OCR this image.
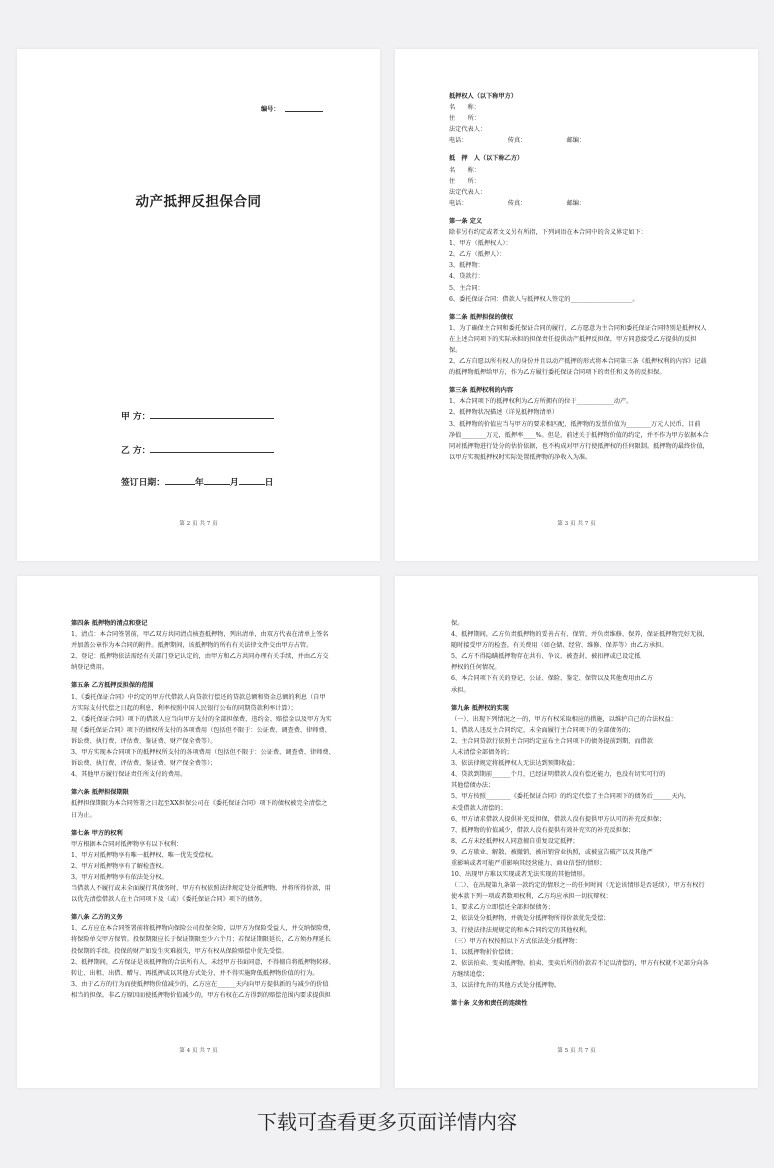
编号：
动产抵押反担保合同
甲 方：
乙 方：
签订日期：	年	月	日
第 2 页 共 7 页
抵押权人（以下称甲方）
名　　称：
住　　所：
法定代表人：
电话：　　　　　　　传真：　　　　　　　邮编：
抵　押　人（以下称乙方）
名　　称：
住　　所：
法定代表人：
电话：　　　　　　　传真：　　　　　　　邮编：
第一条 定义
除非另有约定或者文义另有所指，下列词语在本合同中的含义界定如下：
1、甲方（抵押权人）：
2、乙方（抵押人）：
3、抵押物：
4、贷款行：
5、主合同：
6、委托保证合同：借款人与抵押权人签定的____________________。
第二条 抵押担保的债权
1、为了确保主合同和委托保证合同的履行，乙方愿意为主合同和委托保证合同特别是抵押权人
在上述合同项下的实际承担的担保责任提供动产抵押反担保，甲方同意接受乙方提供的反担
保。
2、乙方自愿以所有权人的身份并且以动产抵押的形式将本合同第三条《抵押权利的内容》记载
的抵押物抵押给甲方，作为乙方履行委托保证合同项下的责任和义务的反担保。
第三条 抵押权利的内容
1、本合同项下的抵押权利为乙方所拥有的位于____________动产。
2、抵押物状况描述（详见抵押物清单）
3、抵押物的价值应当与甲方的要求相匹配，抵押物的发票价值为________万元人民币，目前
净值________万元，抵押率____%。但是，前述关于抵押物价值的约定，并不作为甲方依据本合
同对抵押物进行处分的估价依据，也不构成对甲方行使抵押权的任何限制。抵押物的最终价值，
以甲方实现抵押权时实际处置抵押物的净收入为准。
第 3 页 共 7 页
第四条 抵押物的清点和登记
1、清点：本合同签署前，甲乙双方共同清点核查抵押物，列出清单，由双方代表在清单上签名
并加盖公章作为本合同的附件。抵押期间，该抵押物的所有有关法律文件交由甲方占管。
2、登记：抵押物依法需经有关部门登记认定的，由甲方和乙方共同办理有关手续，并由乙方交
纳登记费用。
第五条 乙方抵押反担保的范围
1、《委托保证合同》中约定的甲方代借款人向贷款行偿还的贷款总额和资金总额的利息（自甲
方实际支付代偿之日起的利息，利率按照中国人民银行公布的同期贷款利率计算）；
2、《委托保证合同》项下的借款人应当向甲方支付的全部担保费、违约金、赔偿金以及甲方为实
现《委托保证合同》项下的债权所支付的各项费用（包括但不限于：公证费、调查费、律师费、
诉讼费、执行费、评估费、鉴证费、财产保全费等）。
3、甲方实现本合同项下的抵押权所支付的各项费用（包括但不限于：公证费、调查费、律师费、
诉讼费、执行费、评估费、鉴证费、财产保全费等）；
4、其他甲方履行保证责任所支付的费用。
第六条 抵押担保期限
抵押担保期限为本合同签署之日起至XX担保公司在《委托保证合同》项下的债权被完全清偿之
日为止。
第七条 甲方的权利
甲方根据本合同对抵押物享有以下权利：
1、甲方对抵押物享有唯一抵押权、唯一优先受偿权。
2、甲方对抵押物享有了解检查权。
3、甲方对抵押物享有依法处分权。
当借款人不履行或未全面履行其债务时，甲方有权依照法律规定处分抵押物，并将所得价款，用
以优先清偿借款人在主合同项下及（或）《委托保证合同》项下的债务。
第八条 乙方的义务
1、乙方应在本合同签署前将抵押物向保险公司投保全险，以甲方为保险受益人，并交纳保险费，
将保险单交甲方保管。投保期限应长于保证期限至少六个月；若保证期限延长，乙方须办理延长
投保期的手续。投保的财产如发生灾难损失，甲方有权从保险赔偿中优先受偿。
2、抵押期间，乙方保证是该抵押物的合法所有人，未经甲方书面同意，不得擅自将抵押物转移、
转让、出租、出借、赠与、再抵押或以其他方式处分，并不得实施降低抵押物价值的行为。
3、由于乙方的行为而使抵押物价值减少的，乙方应在______天内向甲方提供新的与减少的价值
相当的担保。非乙方原因而使抵押物价值减少的，甲方有权在乙方得到的赔偿范围内要求提供担
第 4 页 共 7 页
保。
4、抵押期间，乙方负责抵押物的妥善占有、保管、并负责维修、保养，保证抵押物完好无损，
随时接受甲方的检查。有关费用（如仓储、经营、维修、保养等）由乙方承担。
5、乙方不得隐瞒抵押物存在共有、争议、被查封、被扣押或已设定抵
押权的任何情况。
6、本合同项下有关的登记、公证、保险、鉴定、保管以及其他费用由乙方
承担。
第九条 抵押权的实现
（一）、出现下列情况之一的，甲方有权采取相应的措施，以维护自己的合法权益：
1、借款人违反主合同约定，未全面履行主合同项下的全部债务的；
2、主合同贷款行依照主合同约定宣布主合同项下的债务提前到期，而借款
人未清偿全部债务的；
3、依法律规定将抵押权人无法达到预期收益；
4、贷款到期前______个月，已经证明借款人没有偿还能力，也没有切实可行的
其他偿债办法；
5、甲方按照________《委托保证合同》的约定代偿了主合同项下的债务后______天内，
未受借款人清偿的；
6、甲方请求借款人提供补充反担保，借款人没有提供甲方认可的补充反担保；
7、抵押物的价值减少，借款人没有提供有效补充实的补充反担保；
8、乙方未经抵押权人同意擅自重复设定抵押；
9、乙方歇业、解散、被撤销、被吊销营业执照，或被宣告破产以及其他严
重影响或者可能严重影响其经营能力、商业信誉的情形；
10、出现甲方难以实现或者无法实现的其他情形。
（二）、在出现第九条第一款约定的情形之一的任何时间（无论该情形是否延续），甲方有权行
使本款下列一项或者数项权利，乙方均应承担一切抗辩权：
1、要求乙方立即偿还全部担保债务；
2、依法处分抵押物，并就处分抵押物所得价款优先受偿；
3、行使法律法规规定的和本合同约定的其他权利。
（三）甲方有权按照以下方式依法处分抵押物：
1、以抵押物折价偿债；
2、依法拍卖、变卖抵押物。拍卖、变卖后所得价款若不足以清偿的，甲方有权就不足部分向各
方继续追偿；
3、以法律允许的其他方式处分抵押物。
第十条 义务和责任的连续性
第 5 页 共 7 页
下载可查看更多页面详情内容
